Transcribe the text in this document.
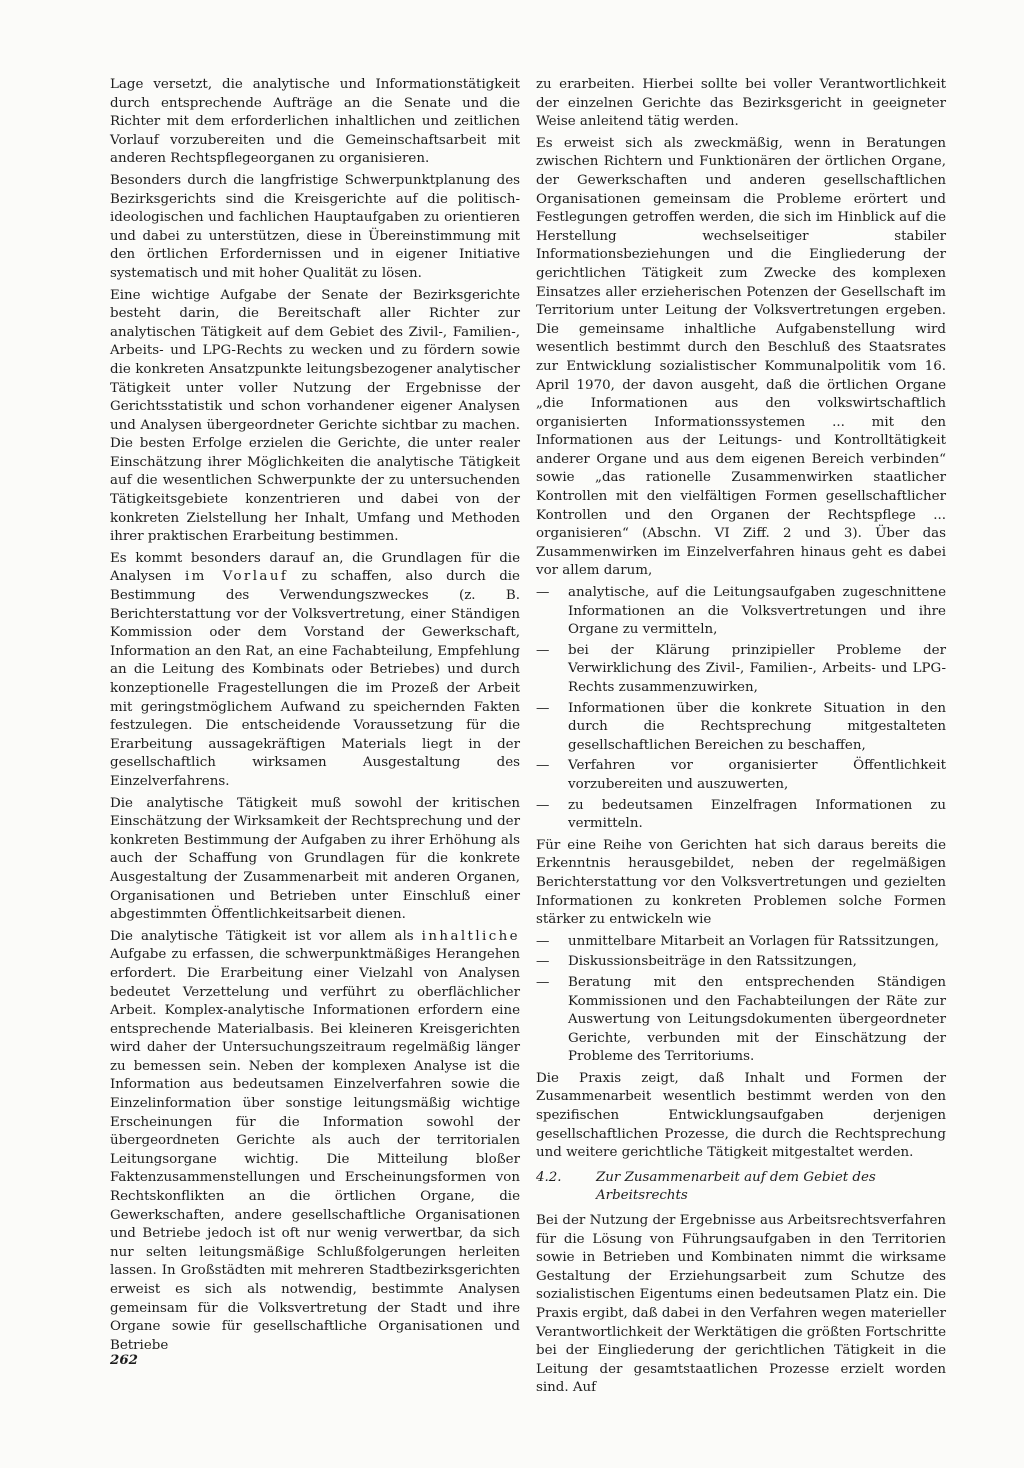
Lage versetzt, die analytische und Informationstätigkeit durch entsprechende Aufträge an die Senate und die Richter mit dem erforderlichen inhaltlichen und zeitlichen Vorlauf vorzubereiten und die Gemeinschaftsarbeit mit anderen Rechtspflegeorganen zu organisieren.

Besonders durch die langfristige Schwerpunktplanung des Bezirksgerichts sind die Kreisgerichte auf die politisch-ideologischen und fachlichen Hauptaufgaben zu orientieren und dabei zu unterstützen, diese in Übereinstimmung mit den örtlichen Erfordernissen und in eigener Initiative systematisch und mit hoher Qualität zu lösen.

Eine wichtige Aufgabe der Senate der Bezirksgerichte besteht darin, die Bereitschaft aller Richter zur analytischen Tätigkeit auf dem Gebiet des Zivil-, Familien-, Arbeits- und LPG-Rechts zu wecken und zu fördern sowie die konkreten Ansatzpunkte leitungsbezogener analytischer Tätigkeit unter voller Nutzung der Ergebnisse der Gerichtsstatistik und schon vorhandener eigener Analysen und Analysen übergeordneter Gerichte sichtbar zu machen. Die besten Erfolge erzielen die Gerichte, die unter realer Einschätzung ihrer Möglichkeiten die analytische Tätigkeit auf die wesentlichen Schwerpunkte der zu untersuchenden Tätigkeitsgebiete konzentrieren und dabei von der konkreten Zielstellung her Inhalt, Umfang und Methoden ihrer praktischen Erarbeitung bestimmen.

Es kommt besonders darauf an, die Grundlagen für die Analysen im Vorlauf zu schaffen, also durch die Bestimmung des Verwendungszweckes (z. B. Berichterstattung vor der Volksvertretung, einer Ständigen Kommission oder dem Vorstand der Gewerkschaft, Information an den Rat, an eine Fachabteilung, Empfehlung an die Leitung des Kombinats oder Betriebes) und durch konzeptionelle Fragestellungen die im Prozeß der Arbeit mit geringstmöglichem Aufwand zu speichernden Fakten festzulegen. Die entscheidende Voraussetzung für die Erarbeitung aussagekräftigen Materials liegt in der gesellschaftlich wirksamen Ausgestaltung des Einzelverfahrens.

Die analytische Tätigkeit muß sowohl der kritischen Einschätzung der Wirksamkeit der Rechtsprechung und der konkreten Bestimmung der Aufgaben zu ihrer Erhöhung als auch der Schaffung von Grundlagen für die konkrete Ausgestaltung der Zusammenarbeit mit anderen Organen, Organisationen und Betrieben unter Einschluß einer abgestimmten Öffentlichkeitsarbeit dienen.

Die analytische Tätigkeit ist vor allem als inhaltliche Aufgabe zu erfassen, die schwerpunktmäßiges Herangehen erfordert. Die Erarbeitung einer Vielzahl von Analysen bedeutet Verzettelung und verführt zu oberflächlicher Arbeit. Komplex-analytische Informationen erfordern eine entsprechende Materialbasis. Bei kleineren Kreisgerichten wird daher der Untersuchungszeitraum regelmäßig länger zu bemessen sein. Neben der komplexen Analyse ist die Information aus bedeutsamen Einzelverfahren sowie die Einzelinformation über sonstige leitungsmäßig wichtige Erscheinungen für die Information sowohl der übergeordneten Gerichte als auch der territorialen Leitungsorgane wichtig. Die Mitteilung bloßer Faktenzusammenstellungen und Erscheinungsformen von Rechtskonflikten an die örtlichen Organe, die Gewerkschaften, andere gesellschaftliche Organisationen und Betriebe jedoch ist oft nur wenig verwertbar, da sich nur selten leitungsmäßige Schlußfolgerungen herleiten lassen. In Großstädten mit mehreren Stadtbezirksgerichten erweist es sich als notwendig, bestimmte Analysen gemeinsam für die Volksvertretung der Stadt und ihre Organe sowie für gesellschaftliche Organisationen und Betriebe

zu erarbeiten. Hierbei sollte bei voller Verantwortlichkeit der einzelnen Gerichte das Bezirksgericht in geeigneter Weise anleitend tätig werden.

Es erweist sich als zweckmäßig, wenn in Beratungen zwischen Richtern und Funktionären der örtlichen Organe, der Gewerkschaften und anderen gesellschaftlichen Organisationen gemeinsam die Probleme erörtert und Festlegungen getroffen werden, die sich im Hinblick auf die Herstellung wechselseitiger stabiler Informationsbeziehungen und die Eingliederung der gerichtlichen Tätigkeit zum Zwecke des komplexen Einsatzes aller erzieherischen Potenzen der Gesellschaft im Territorium unter Leitung der Volksvertretungen ergeben. Die gemeinsame inhaltliche Aufgabenstellung wird wesentlich bestimmt durch den Beschluß des Staatsrates zur Entwicklung sozialistischer Kommunalpolitik vom 16. April 1970, der davon ausgeht, daß die örtlichen Organe „die Informationen aus den volkswirtschaftlich organisierten Informationssystemen ... mit den Informationen aus der Leitungs- und Kontrolltätigkeit anderer Organe und aus dem eigenen Bereich verbinden“ sowie „das rationelle Zusammenwirken staatlicher Kontrollen mit den vielfältigen Formen gesellschaftlicher Kontrollen und den Organen der Rechtspflege ... organisieren“ (Abschn. VI Ziff. 2 und 3). Über das Zusammenwirken im Einzelverfahren hinaus geht es dabei vor allem darum,

— analytische, auf die Leitungsaufgaben zugeschnittene Informationen an die Volksvertretungen und ihre Organe zu vermitteln,
— bei der Klärung prinzipieller Probleme der Verwirklichung des Zivil-, Familien-, Arbeits- und LPG-Rechts zusammenzuwirken,
— Informationen über die konkrete Situation in den durch die Rechtsprechung mitgestalteten gesellschaftlichen Bereichen zu beschaffen,
— Verfahren vor organisierter Öffentlichkeit vorzubereiten und auszuwerten,
— zu bedeutsamen Einzelfragen Informationen zu vermitteln.

Für eine Reihe von Gerichten hat sich daraus bereits die Erkenntnis herausgebildet, neben der regelmäßigen Berichterstattung vor den Volksvertretungen und gezielten Informationen zu konkreten Problemen solche Formen stärker zu entwickeln wie

— unmittelbare Mitarbeit an Vorlagen für Ratssitzungen,
— Diskussionsbeiträge in den Ratssitzungen,
— Beratung mit den entsprechenden Ständigen Kommissionen und den Fachabteilungen der Räte zur Auswertung von Leitungsdokumenten übergeordneter Gerichte, verbunden mit der Einschätzung der Probleme des Territoriums.

Die Praxis zeigt, daß Inhalt und Formen der Zusammenarbeit wesentlich bestimmt werden von den spezifischen Entwicklungsaufgaben derjenigen gesellschaftlichen Prozesse, die durch die Rechtsprechung und weitere gerichtliche Tätigkeit mitgestaltet werden.

4.2.	Zur Zusammenarbeit auf dem Gebiet des Arbeitsrechts

Bei der Nutzung der Ergebnisse aus Arbeitsrechtsverfahren für die Lösung von Führungsaufgaben in den Territorien sowie in Betrieben und Kombinaten nimmt die wirksame Gestaltung der Erziehungsarbeit zum Schutze des sozialistischen Eigentums einen bedeutsamen Platz ein. Die Praxis ergibt, daß dabei in den Verfahren wegen materieller Verantwortlichkeit der Werktätigen die größten Fortschritte bei der Eingliederung der gerichtlichen Tätigkeit in die Leitung der gesamtstaatlichen Prozesse erzielt worden sind. Auf

262
